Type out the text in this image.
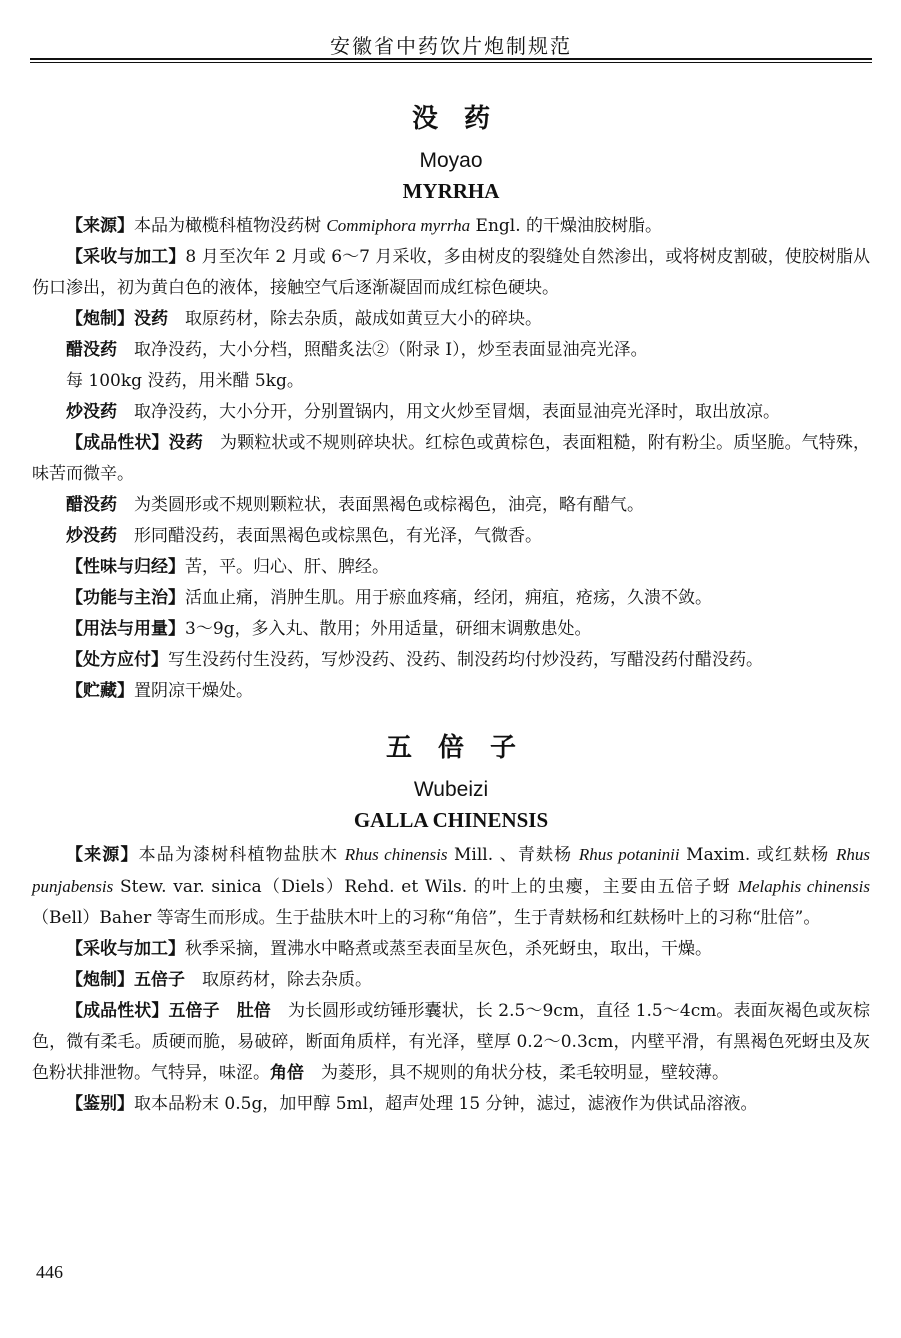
安徽省中药饮片炮制规范
没　药
Moyao
MYRRHA

【来源】本品为橄榄科植物没药树 Commiphora myrrha Engl. 的干燥油胶树脂。

【采收与加工】8 月至次年 2 月或 6～7 月采收，多由树皮的裂缝处自然渗出，或将树皮割破，使胶树脂从伤口渗出，初为黄白色的液体，接触空气后逐渐凝固而成红棕色硬块。

【炮制】没药　取原药材，除去杂质，敲成如黄豆大小的碎块。

醋没药　取净没药，大小分档，照醋炙法②（附录 Ⅰ），炒至表面显油亮光泽。

每 100kg 没药，用米醋 5kg。

炒没药　取净没药，大小分开，分别置锅内，用文火炒至冒烟，表面显油亮光泽时，取出放凉。

【成品性状】没药　为颗粒状或不规则碎块状。红棕色或黄棕色，表面粗糙，附有粉尘。质坚脆。气特殊，味苦而微辛。

醋没药　为类圆形或不规则颗粒状，表面黑褐色或棕褐色，油亮，略有醋气。

炒没药　形同醋没药，表面黑褐色或棕黑色，有光泽，气微香。

【性味与归经】苦，平。归心、肝、脾经。

【功能与主治】活血止痛，消肿生肌。用于瘀血疼痛，经闭，痈疽，疮疡，久溃不敛。

【用法与用量】3～9g，多入丸、散用；外用适量，研细末调敷患处。

【处方应付】写生没药付生没药，写炒没药、没药、制没药均付炒没药，写醋没药付醋没药。

【贮藏】置阴凉干燥处。

五　倍　子
Wubeizi
GALLA CHINENSIS

【来源】本品为漆树科植物盐肤木 Rhus chinensis Mill. 、青麸杨 Rhus potaninii Maxim. 或红麸杨 Rhus punjabensis Stew. var. sinica（Diels）Rehd. et Wils. 的叶上的虫瘿，主要由五倍子蚜 Melaphis chinensis（Bell）Baher 等寄生而形成。生于盐肤木叶上的习称“角倍”，生于青麸杨和红麸杨叶上的习称“肚倍”。

【采收与加工】秋季采摘，置沸水中略煮或蒸至表面呈灰色，杀死蚜虫，取出，干燥。

【炮制】五倍子　取原药材，除去杂质。

【成品性状】五倍子　肚倍　为长圆形或纺锤形囊状，长 2.5～9cm，直径 1.5～4cm。表面灰褐色或灰棕色，微有柔毛。质硬而脆，易破碎，断面角质样，有光泽，壁厚 0.2～0.3cm，内壁平滑，有黑褐色死蚜虫及灰色粉状排泄物。气特异，味涩。角倍　为菱形，具不规则的角状分枝，柔毛较明显，壁较薄。

【鉴别】取本品粉末 0.5g，加甲醇 5ml，超声处理 15 分钟，滤过，滤液作为供试品溶液。

446
